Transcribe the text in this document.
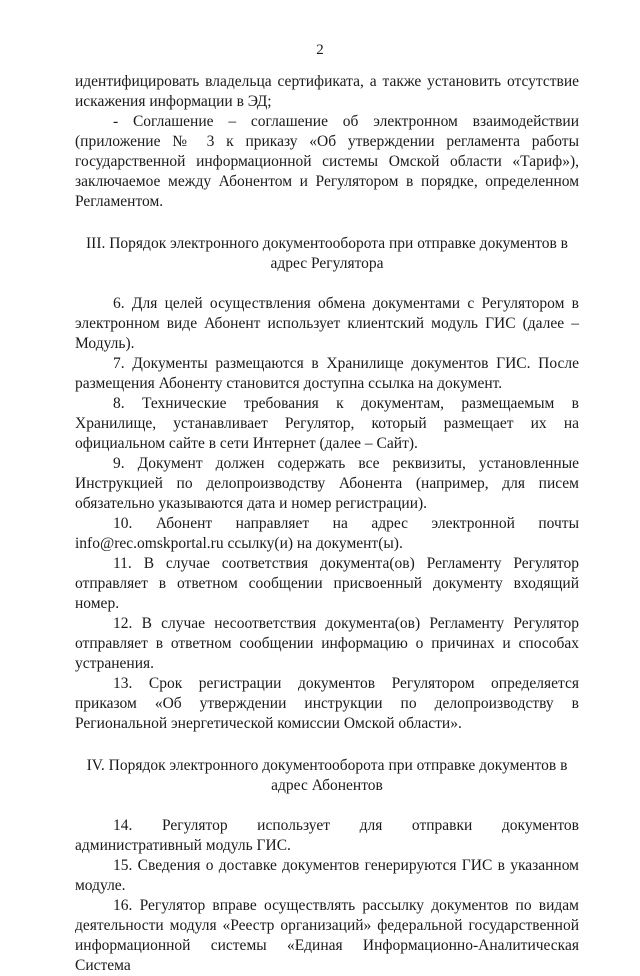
2

идентифицировать владельца сертификата, а также установить отсутствие искажения информации в ЭД;

- Соглашение – соглашение об электронном взаимодействии (приложение № 3 к приказу «Об утверждении регламента работы государственной информационной системы Омской области «Тариф»), заключаемое между Абонентом и Регулятором в порядке, определенном Регламентом.

III. Порядок электронного документооборота при отправке документов в адрес Регулятора

6. Для целей осуществления обмена документами с Регулятором в электронном виде Абонент использует клиентский модуль ГИС (далее – Модуль).

7. Документы размещаются в Хранилище документов ГИС. После размещения Абоненту становится доступна ссылка на документ.

8. Технические требования к документам, размещаемым в Хранилище, устанавливает Регулятор, который размещает их на официальном сайте в сети Интернет (далее – Сайт).

9. Документ должен содержать все реквизиты, установленные Инструкцией по делопроизводству Абонента (например, для писем обязательно указываются дата и номер регистрации).

10. Абонент направляет на адрес электронной почты info@rec.omskportal.ru ссылку(и) на документ(ы).

11. В случае соответствия документа(ов) Регламенту Регулятор отправляет в ответном сообщении присвоенный документу входящий номер.

12. В случае несоответствия документа(ов) Регламенту Регулятор отправляет в ответном сообщении информацию о причинах и способах устранения.

13. Срок регистрации документов Регулятором определяется приказом «Об утверждении инструкции по делопроизводству в Региональной энергетической комиссии Омской области».

IV. Порядок электронного документооборота при отправке документов в адрес Абонентов

14. Регулятор использует для отправки документов административный модуль ГИС.

15. Сведения о доставке документов генерируются ГИС в указанном модуле.

16. Регулятор вправе осуществлять рассылку документов по видам деятельности модуля «Реестр организаций» федеральной государственной информационной системы «Единая Информационно-Аналитическая Система
